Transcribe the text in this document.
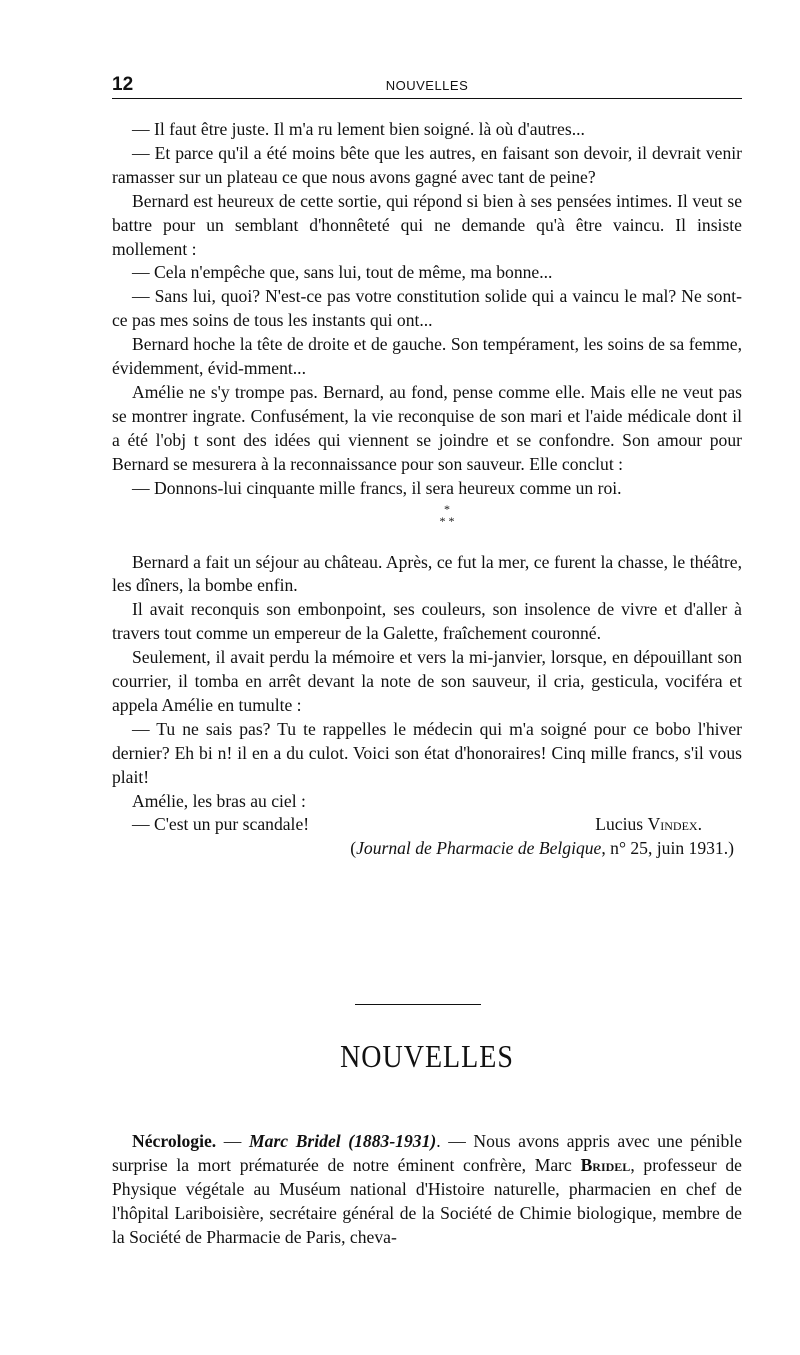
12	NOUVELLES

— Il faut être juste. Il m'a ru lement bien soigné. là où d'autres...

— Et parce qu'il a été moins bête que les autres, en faisant son devoir, il devrait venir ramasser sur un plateau ce que nous avons gagné avec tant de peine?

Bernard est heureux de cette sortie, qui répond si bien à ses pensées intimes. Il veut se battre pour un semblant d'honnêteté qui ne demande qu'à être vaincu. Il insiste mollement :

— Cela n'empêche que, sans lui, tout de même, ma bonne...

— Sans lui, quoi? N'est-ce pas votre constitution solide qui a vaincu le mal? Ne sont-ce pas mes soins de tous les instants qui ont...

Bernard hoche la tête de droite et de gauche. Son tempérament, les soins de sa femme, évidemment, évid-mment...

Amélie ne s'y trompe pas. Bernard, au fond, pense comme elle. Mais elle ne veut pas se montrer ingrate. Confusément, la vie reconquise de son mari et l'aide médicale dont il a été l'obj t sont des idées qui viennent se joindre et se confondre. Son amour pour Bernard se mesurera à la reconnaissance pour son sauveur. Elle conclut :

— Donnons-lui cinquante mille francs, il sera heureux comme un roi.

*
* *

Bernard a fait un séjour au château. Après, ce fut la mer, ce furent la chasse, le théâtre, les dîners, la bombe enfin.

Il avait reconquis son embonpoint, ses couleurs, son insolence de vivre et d'aller à travers tout comme un empereur de la Galette, fraîchement couronné.

Seulement, il avait perdu la mémoire et vers la mi-janvier, lorsque, en dépouillant son courrier, il tomba en arrêt devant la note de son sauveur, il cria, gesticula, vociféra et appela Amélie en tumulte :

— Tu ne sais pas? Tu te rappelles le médecin qui m'a soigné pour ce bobo l'hiver dernier? Eh bi n! il en a du culot. Voici son état d'honoraires! Cinq mille francs, s'il vous plait!

Amélie, les bras au ciel :

— C'est un pur scandale!	Lucius Vindex.

(Journal de Pharmacie de Belgique, n° 25, juin 1931.)

NOUVELLES

Nécrologie. — Marc Bridel (1883-1931). — Nous avons appris avec une pénible surprise la mort prématurée de notre éminent confrère, Marc Bridel, professeur de Physique végétale au Muséum national d'Histoire naturelle, pharmacien en chef de l'hôpital Lariboisière, secrétaire général de la Société de Chimie biologique, membre de la Société de Pharmacie de Paris, cheva-
